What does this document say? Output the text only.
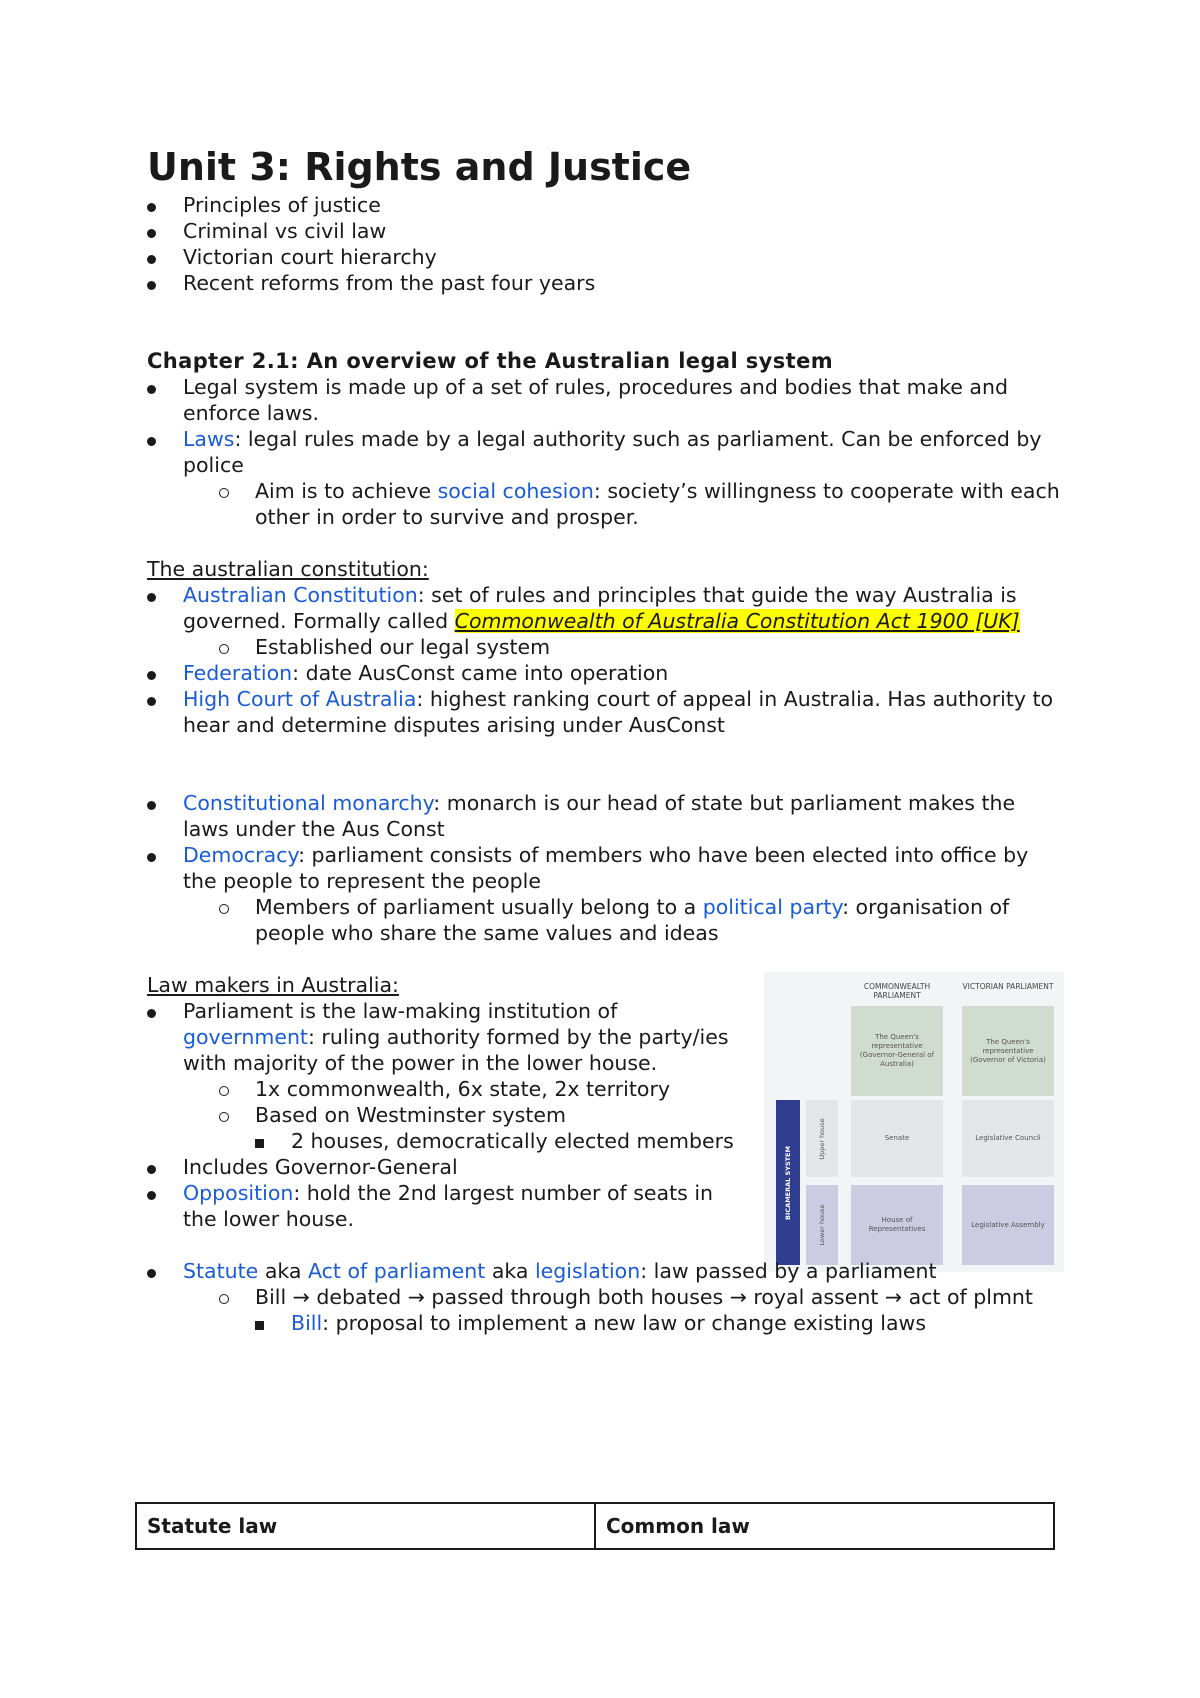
Unit 3: Rights and Justice
Principles of justice
Criminal vs civil law
Victorian court hierarchy
Recent reforms from the past four years
Chapter 2.1: An overview of the Australian legal system
Legal system is made up of a set of rules, procedures and bodies that make and enforce laws.
Laws: legal rules made by a legal authority such as parliament. Can be enforced by police
Aim is to achieve social cohesion: society’s willingness to cooperate with each other in order to survive and prosper.
The australian constitution:
Australian Constitution: set of rules and principles that guide the way Australia is governed. Formally called Commonwealth of Australia Constitution Act 1900 [UK]
Established our legal system
Federation: date AusConst came into operation
High Court of Australia: highest ranking court of appeal in Australia. Has authority to hear and determine disputes arising under AusConst
Constitutional monarchy: monarch is our head of state but parliament makes the laws under the Aus Const
Democracy: parliament consists of members who have been elected into office by the people to represent the people
Members of parliament usually belong to a political party: organisation of people who share the same values and ideas
Law makers in Australia:
Parliament is the law-making institution of government: ruling authority formed by the party/ies with majority of the power in the lower house.
1x commonwealth, 6x state, 2x territory
Based on Westminster system
2 houses, democratically elected members
Includes Governor-General
Opposition: hold the 2nd largest number of seats in the lower house.
COMMONWEALTH PARLIAMENT
VICTORIAN PARLIAMENT
The Queen's representative (Governor-General of Australia)
The Queen's representative (Governor of Victoria)
BICAMERAL SYSTEM
Upper house
Lower house
Senate	Legislative Council
House of Representatives
Legislative Assembly
Statute aka Act of parliament aka legislation: law passed by a parliament
Bill → debated → passed through both houses → royal assent → act of plmnt
Bill: proposal to implement a new law or change existing laws
Statute law	Common law
